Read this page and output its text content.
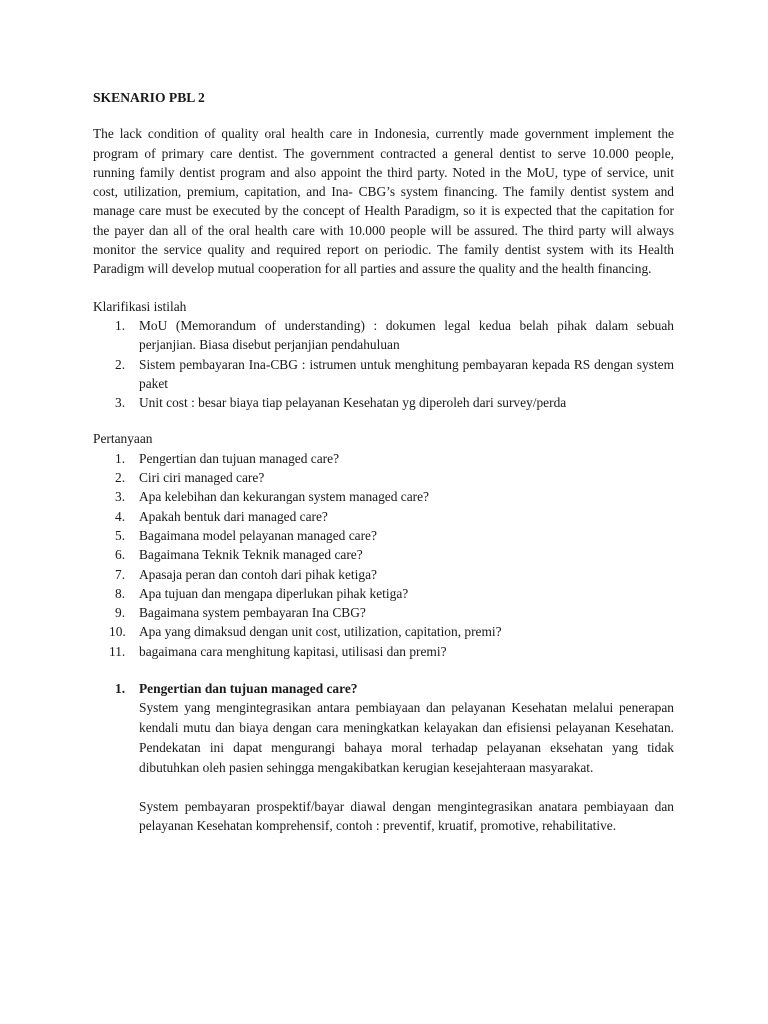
SKENARIO PBL 2

The lack condition of quality oral health care in Indonesia, currently made government implement the program of primary care dentist. The government contracted a general dentist to serve 10.000 people, running family dentist program and also appoint the third party. Noted in the MoU, type of service, unit cost, utilization, premium, capitation, and Ina- CBG’s system financing. The family dentist system and manage care must be executed by the concept of Health Paradigm, so it is expected that the capitation for the payer dan all of the oral health care with 10.000 people will be assured. The third party will always monitor the service quality and required report on periodic. The family dentist system with its Health Paradigm will develop mutual cooperation for all parties and assure the quality and the health financing.

Klarifikasi istilah
1. MoU (Memorandum of understanding) : dokumen legal kedua belah pihak dalam sebuah perjanjian. Biasa disebut perjanjian pendahuluan
2. Sistem pembayaran Ina-CBG : istrumen untuk menghitung pembayaran kepada RS dengan system paket
3. Unit cost : besar biaya tiap pelayanan Kesehatan yg diperoleh dari survey/perda
Pertanyaan
1. Pengertian dan tujuan managed care?
2. Ciri ciri managed care?
3. Apa kelebihan dan kekurangan system managed care?
4. Apakah bentuk dari managed care?
5. Bagaimana model pelayanan managed care?
6. Bagaimana Teknik Teknik managed care?
7. Apasaja peran dan contoh dari pihak ketiga?
8. Apa tujuan dan mengapa diperlukan pihak ketiga?
9. Bagaimana system pembayaran Ina CBG?
10. Apa yang dimaksud dengan unit cost, utilization, capitation, premi?
11. bagaimana cara menghitung kapitasi, utilisasi dan premi?
1. Pengertian dan tujuan managed care?

System yang mengintegrasikan antara pembiayaan dan pelayanan Kesehatan melalui penerapan kendali mutu dan biaya dengan cara meningkatkan kelayakan dan efisiensi pelayanan Kesehatan. Pendekatan ini dapat mengurangi bahaya moral terhadap pelayanan eksehatan yang tidak dibutuhkan oleh pasien sehingga mengakibatkan kerugian kesejahteraan masyarakat.

System pembayaran prospektif/bayar diawal dengan mengintegrasikan anatara pembiayaan dan pelayanan Kesehatan komprehensif, contoh : preventif, kruatif, promotive, rehabilitative.
